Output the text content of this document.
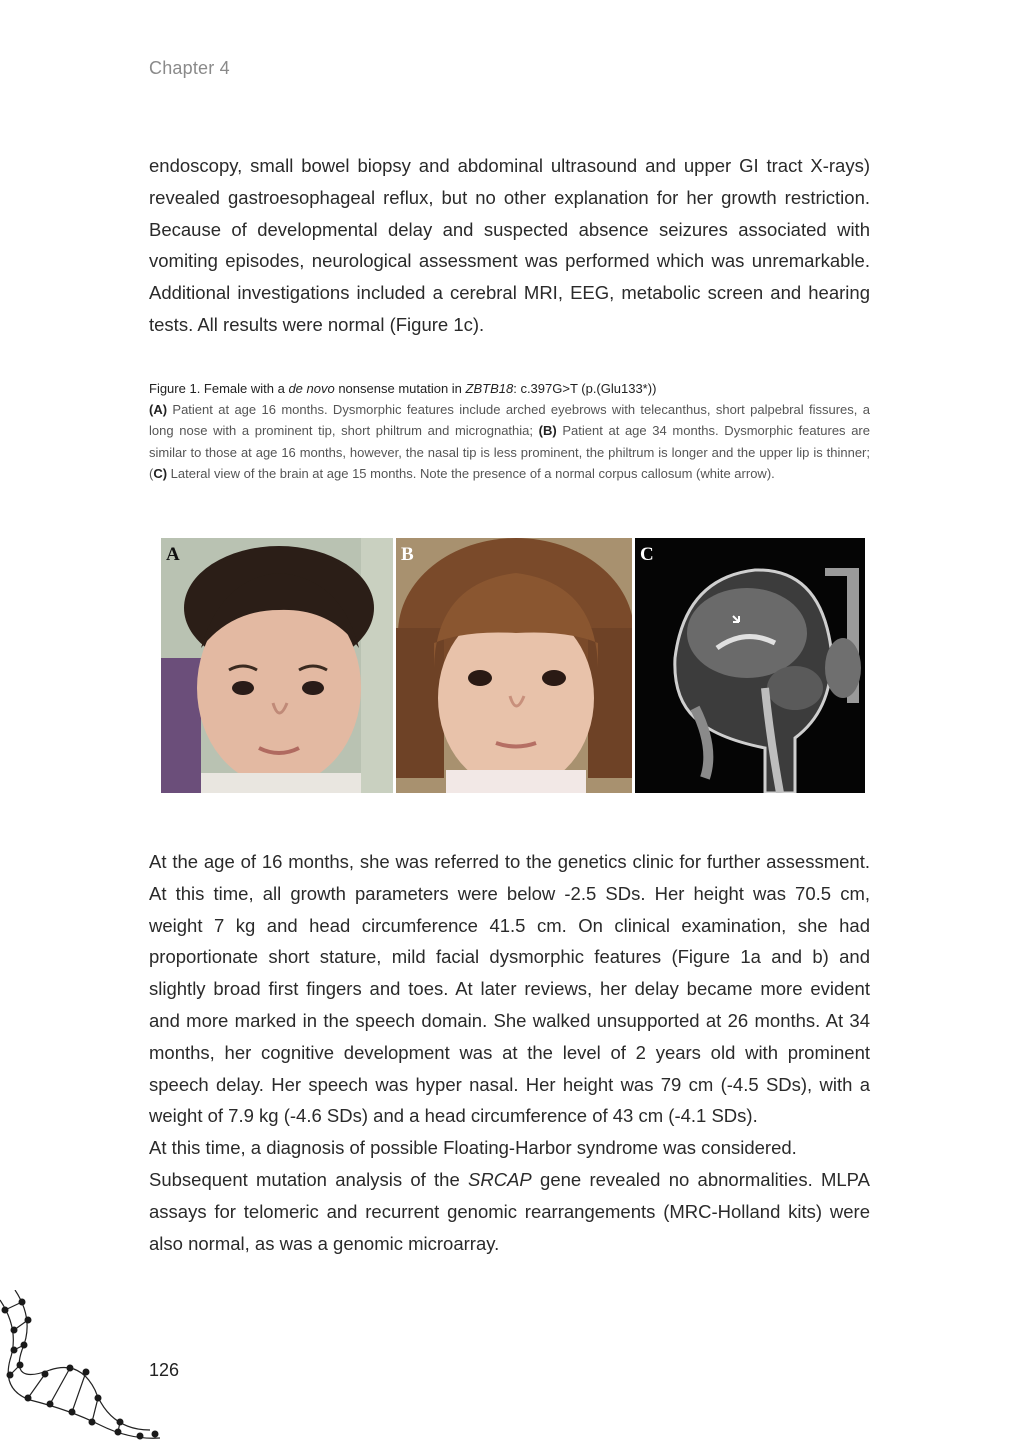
Chapter 4

endoscopy, small bowel biopsy and abdominal ultrasound and upper GI tract X-rays) revealed gastroesophageal reflux, but no other explanation for her growth restriction. Because of developmental delay and suspected absence seizures associated with vomiting episodes, neurological assessment was performed which was unremarkable. Additional investigations included a cerebral MRI, EEG, metabolic screen and hearing tests. All results were normal (Figure 1c).

Figure 1. Female with a de novo nonsense mutation in ZBTB18: c.397G>T (p.(Glu133*))
(A) Patient at age 16 months. Dysmorphic features include arched eyebrows with telecanthus, short palpebral fissures, a long nose with a prominent tip, short philtrum and micrognathia; (B) Patient at age 34 months. Dysmorphic features are similar to those at age 16 months, however, the nasal tip is less prominent, the philtrum is longer and the upper lip is thinner; (C) Lateral view of the brain at age 15 months. Note the presence of a normal corpus callosum (white arrow).
A	B	C

At the age of 16 months, she was referred to the genetics clinic for further assessment. At this time, all growth parameters were below -2.5 SDs. Her height was 70.5 cm, weight 7 kg and head circumference 41.5 cm. On clinical examination, she had proportionate short stature, mild facial dysmorphic features (Figure 1a and b) and slightly broad first fingers and toes. At later reviews, her delay became more evident and more marked in the speech domain. She walked unsupported at 26 months. At 34 months, her cognitive development was at the level of 2 years old with prominent speech delay. Her speech was hyper nasal. Her height was 79 cm (-4.5 SDs), with a weight of 7.9 kg (-4.6 SDs) and a head circumference of 43 cm (-4.1 SDs).

At this time, a diagnosis of possible Floating-Harbor syndrome was considered.

Subsequent mutation analysis of the SRCAP gene revealed no abnormalities. MLPA assays for telomeric and recurrent genomic rearrangements (MRC-Holland kits) were also normal, as was a genomic microarray.

126
